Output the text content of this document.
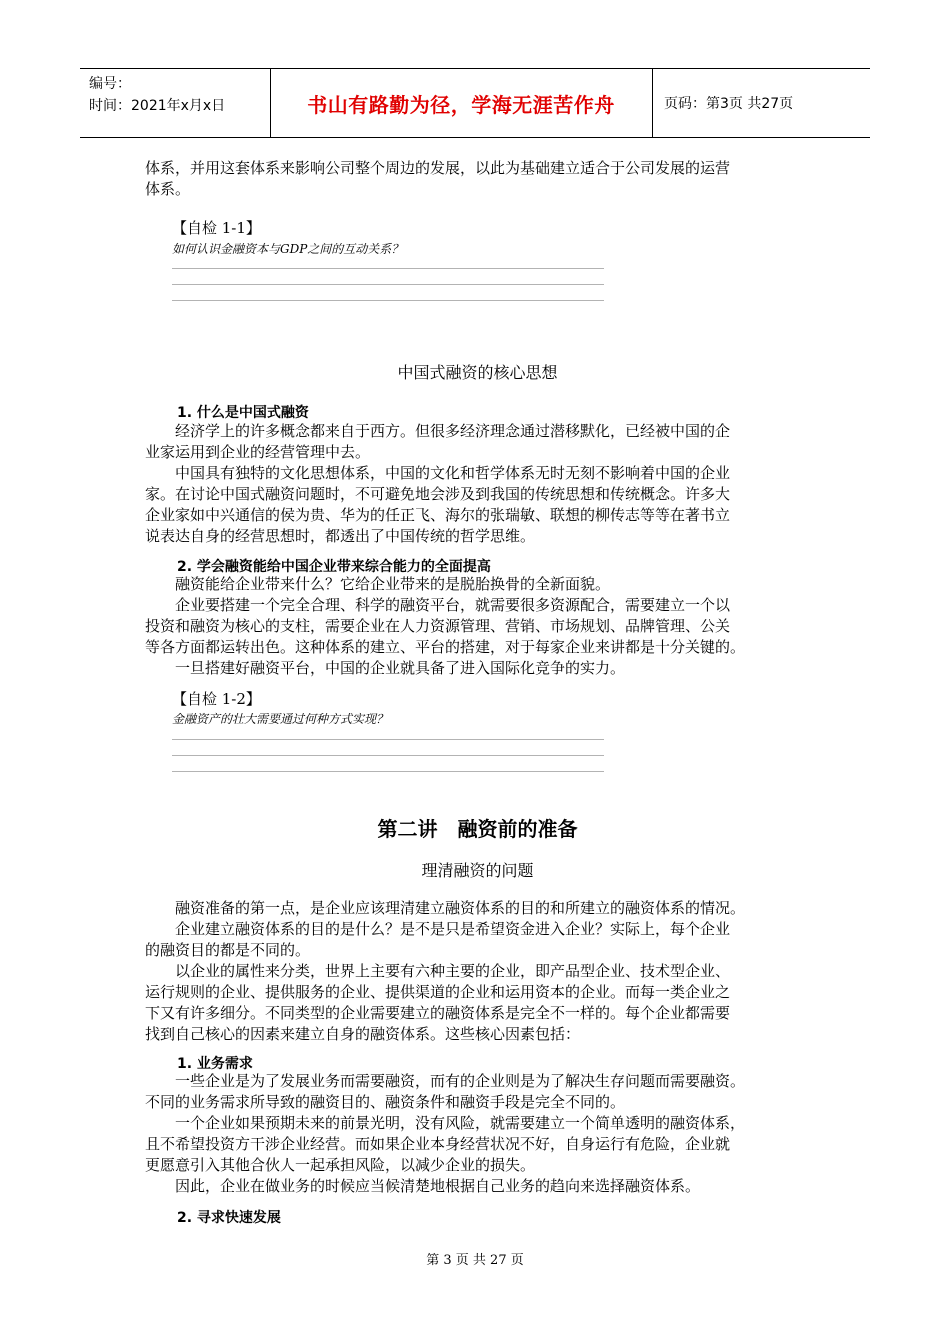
编号：
时间：2021年x月x日	书山有路勤为径，学海无涯苦作舟	页码：第3页 共27页

体系，并用这套体系来影响公司整个周边的发展，以此为基础建立适合于公司发展的运营

体系。

【自检 1-1】
如何认识金融资本与GDP之间的互动关系？
中国式融资的核心思想
1. 什么是中国式融资

经济学上的许多概念都来自于西方。但很多经济理念通过潜移默化，已经被中国的企

业家运用到企业的经营管理中去。

中国具有独特的文化思想体系，中国的文化和哲学体系无时无刻不影响着中国的企业

家。在讨论中国式融资问题时，不可避免地会涉及到我国的传统思想和传统概念。许多大

企业家如中兴通信的侯为贵、华为的任正飞、海尔的张瑞敏、联想的柳传志等等在著书立

说表达自身的经营思想时，都透出了中国传统的哲学思维。

2. 学会融资能给中国企业带来综合能力的全面提高

融资能给企业带来什么？它给企业带来的是脱胎换骨的全新面貌。

企业要搭建一个完全合理、科学的融资平台，就需要很多资源配合，需要建立一个以

投资和融资为核心的支柱，需要企业在人力资源管理、营销、市场规划、品牌管理、公关

等各方面都运转出色。这种体系的建立、平台的搭建，对于每家企业来讲都是十分关键的。

一旦搭建好融资平台，中国的企业就具备了进入国际化竞争的实力。

【自检 1-2】
金融资产的壮大需要通过何种方式实现？
第二讲　融资前的准备
理清融资的问题

融资准备的第一点，是企业应该理清建立融资体系的目的和所建立的融资体系的情况。

企业建立融资体系的目的是什么？是不是只是希望资金进入企业？实际上，每个企业

的融资目的都是不同的。

以企业的属性来分类，世界上主要有六种主要的企业，即产品型企业、技术型企业、

运行规则的企业、提供服务的企业、提供渠道的企业和运用资本的企业。而每一类企业之

下又有许多细分。不同类型的企业需要建立的融资体系是完全不一样的。每个企业都需要

找到自己核心的因素来建立自身的融资体系。这些核心因素包括：

1. 业务需求

一些企业是为了发展业务而需要融资，而有的企业则是为了解决生存问题而需要融资。

不同的业务需求所导致的融资目的、融资条件和融资手段是完全不同的。

一个企业如果预期未来的前景光明，没有风险，就需要建立一个简单透明的融资体系，

且不希望投资方干涉企业经营。而如果企业本身经营状况不好，自身运行有危险，企业就

更愿意引入其他合伙人一起承担风险，以减少企业的损失。

因此，企业在做业务的时候应当候清楚地根据自己业务的趋向来选择融资体系。

2. 寻求快速发展
第 3 页 共 27 页
